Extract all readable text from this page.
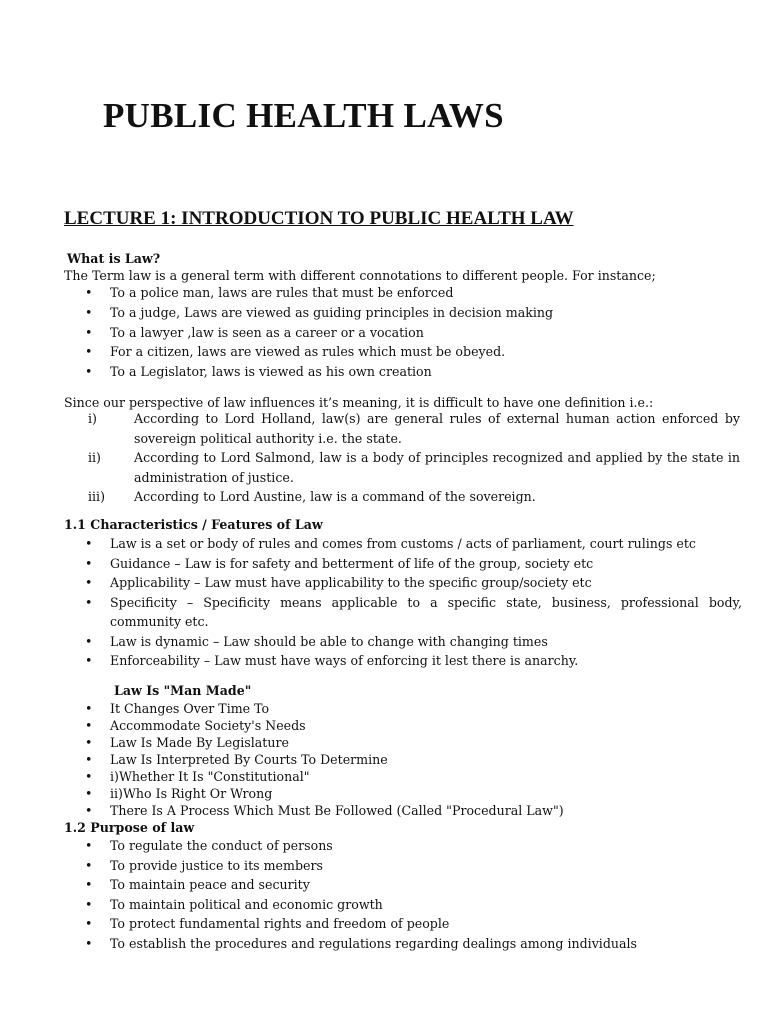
PUBLIC HEALTH LAWS
LECTURE 1: INTRODUCTION TO PUBLIC HEALTH LAW
What is Law?
The Term law is a general term with different connotations to different people. For instance;
• To a police man, laws are rules that must be enforced
• To a judge, Laws are viewed as guiding principles in decision making
• To a lawyer ,law is seen as a career or a vocation
• For a citizen, laws are viewed as rules which must be obeyed.
• To a Legislator, laws is viewed as his own creation
Since our perspective of law influences it’s meaning, it is difficult to have one definition i.e.:
i)	According to Lord Holland, law(s) are general rules of external human action enforced by sovereign political authority i.e. the state.
ii)	According to Lord Salmond, law is a body of principles recognized and applied by the state in administration of justice.
iii) According to Lord Austine, law is a command of the sovereign.
1.1 Characteristics / Features of Law
• Law is a set or body of rules and comes from customs / acts of parliament, court rulings etc
• Guidance – Law is for safety and betterment of life of the group, society etc
• Applicability – Law must have applicability to the specific group/society etc
• Specificity – Specificity means applicable to a specific state, business, professional body, community etc.
• Law is dynamic – Law should be able to change with changing times
• Enforceability – Law must have ways of enforcing it lest there is anarchy.
Law Is "Man Made"
• It Changes Over Time To
• Accommodate Society's Needs
• Law Is Made By Legislature
• Law Is Interpreted By Courts To Determine
• i)Whether It Is "Constitutional"
• ii)Who Is Right Or Wrong
• There Is A Process Which Must Be Followed (Called "Procedural Law")
1.2 Purpose of law
• To regulate the conduct of persons
• To provide justice to its members
• To maintain peace and security
• To maintain political and economic growth
• To protect fundamental rights and freedom of people
• To establish the procedures and regulations regarding dealings among individuals
